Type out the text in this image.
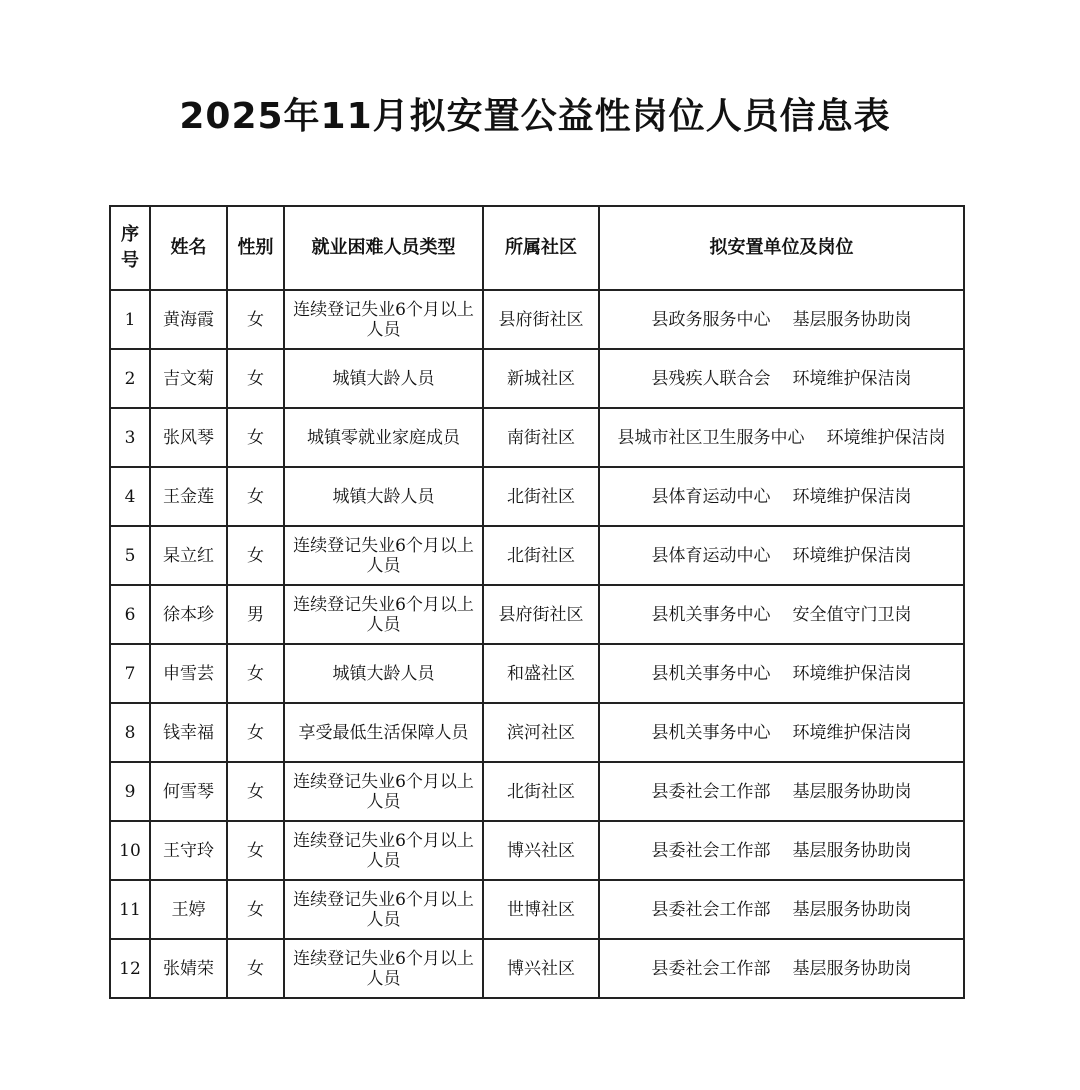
2025年11月拟安置公益性岗位人员信息表
序
号	姓名	性别	就业困难人员类型	所属社区	拟安置单位及岗位
1	黄海霞	女	连续登记失业6个月以上人员	县府街社区	县政务服务中心 基层服务协助岗

2	吉文菊	女	城镇大龄人员	新城社区	县残疾人联合会 环境维护保洁岗

3	张风琴	女	城镇零就业家庭成员	南街社区	县城市社区卫生服务中心 环境维护保洁岗

4	王金莲	女	城镇大龄人员	北街社区	县体育运动中心 环境维护保洁岗

5	杲立红	女	连续登记失业6个月以上人员	北街社区	县体育运动中心 环境维护保洁岗

6	徐本珍	男	连续登记失业6个月以上人员	县府街社区	县机关事务中心 安全值守门卫岗

7	申雪芸	女	城镇大龄人员	和盛社区	县机关事务中心 环境维护保洁岗

8	钱幸福	女	享受最低生活保障人员	滨河社区	县机关事务中心 环境维护保洁岗

9	何雪琴	女	连续登记失业6个月以上人员	北街社区	县委社会工作部 基层服务协助岗

10	王守玲	女	连续登记失业6个月以上人员	博兴社区	县委社会工作部 基层服务协助岗

11	王婷	女	连续登记失业6个月以上人员	世博社区	县委社会工作部 基层服务协助岗

12	张婧荣	女	连续登记失业6个月以上人员	博兴社区	县委社会工作部 基层服务协助岗
